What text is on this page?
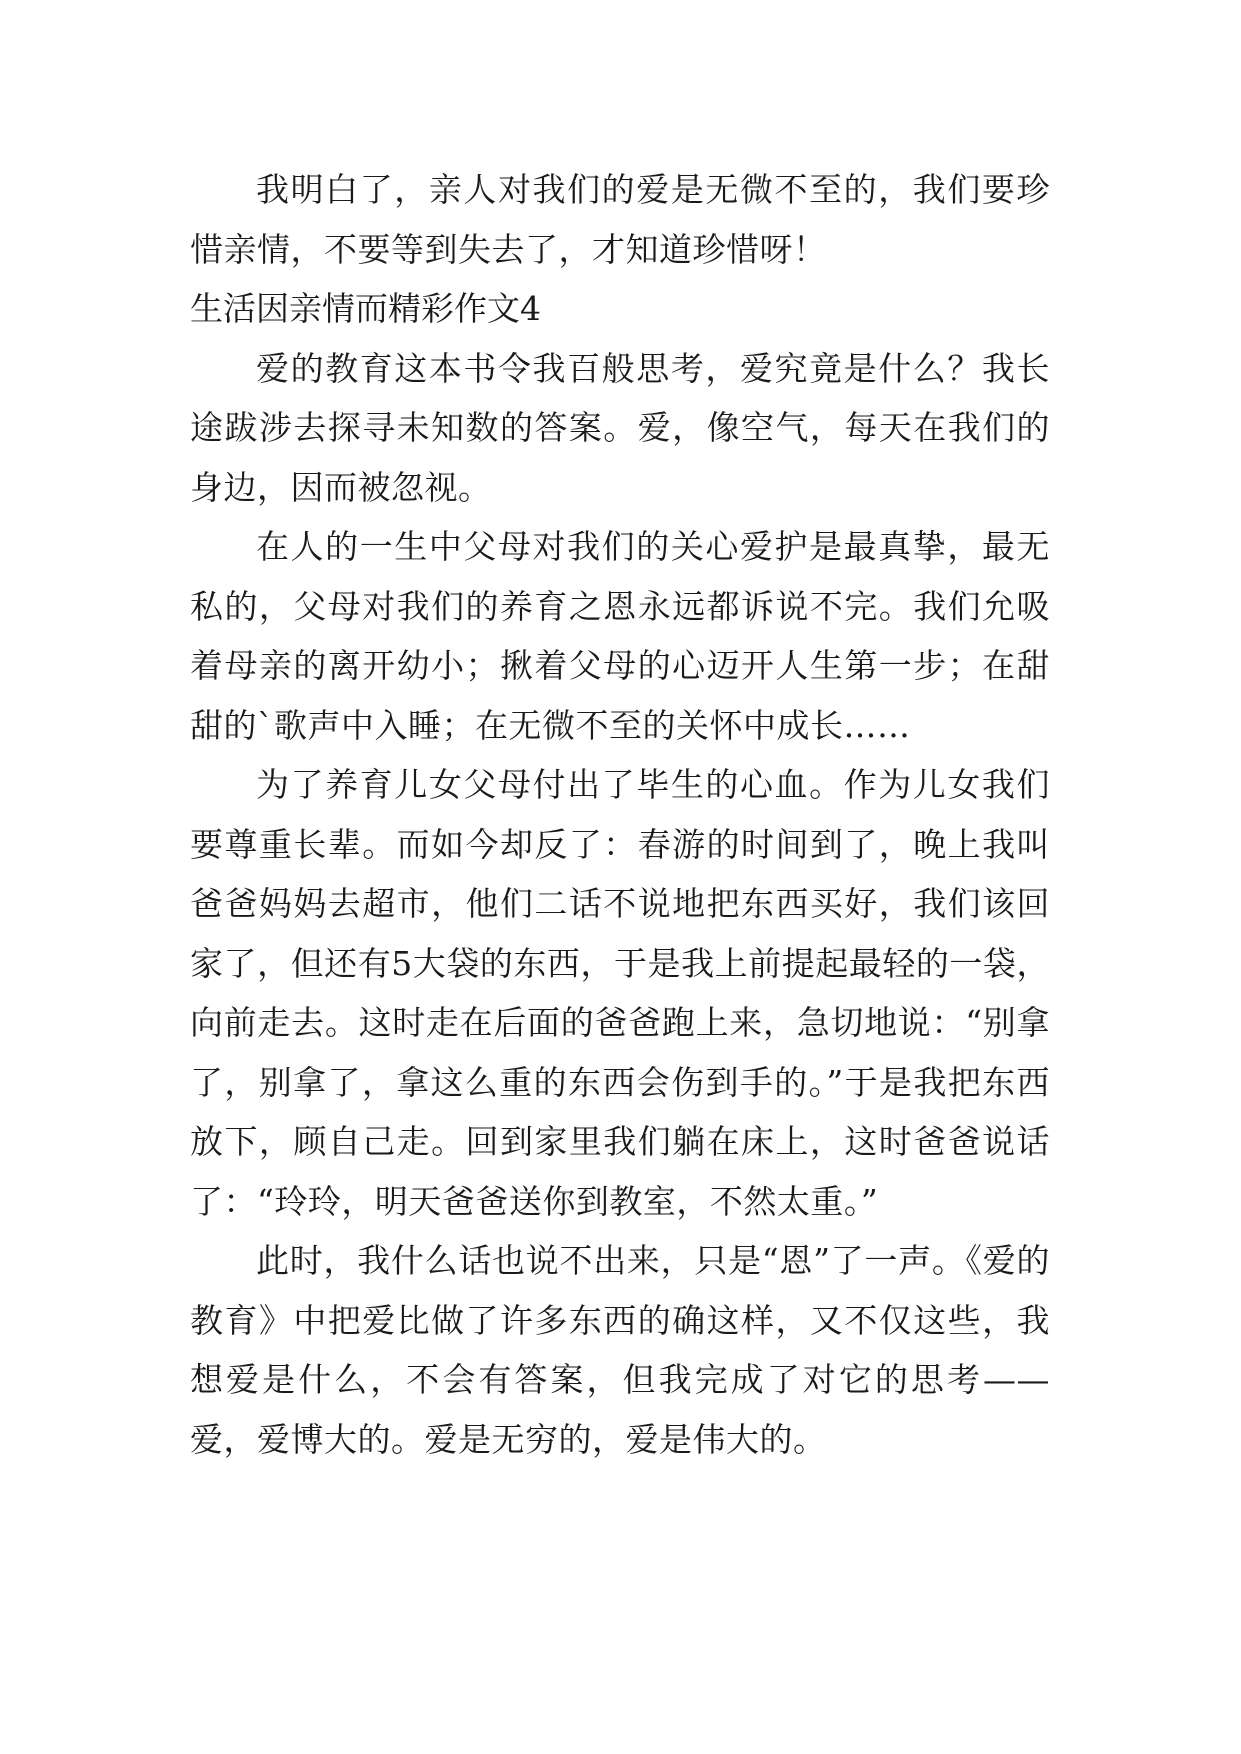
我明白了，亲人对我们的爱是无微不至的，我们要珍惜亲情，不要等到失去了，才知道珍惜呀！

生活因亲情而精彩作文4

爱的教育这本书令我百般思考，爱究竟是什么？我长途跋涉去探寻未知数的答案。爱，像空气，每天在我们的身边，因而被忽视。

在人的一生中父母对我们的关心爱护是最真挚，最无私的，父母对我们的养育之恩永远都诉说不完。我们允吸着母亲的离开幼小；揪着父母的心迈开人生第一步；在甜甜的`歌声中入睡；在无微不至的关怀中成长……

为了养育儿女父母付出了毕生的心血。作为儿女我们要尊重长辈。而如今却反了：春游的时间到了，晚上我叫爸爸妈妈去超市，他们二话不说地把东西买好，我们该回家了，但还有5大袋的东西，于是我上前提起最轻的一袋，向前走去。这时走在后面的爸爸跑上来，急切地说：“别拿了，别拿了，拿这么重的东西会伤到手的。”于是我把东西放下，顾自己走。回到家里我们躺在床上，这时爸爸说话了：“玲玲，明天爸爸送你到教室，不然太重。”

此时，我什么话也说不出来，只是“恩”了一声。《爱的教育》中把爱比做了许多东西的确这样，又不仅这些，我想爱是什么，不会有答案，但我完成了对它的思考——爱，爱博大的。爱是无穷的，爱是伟大的。
